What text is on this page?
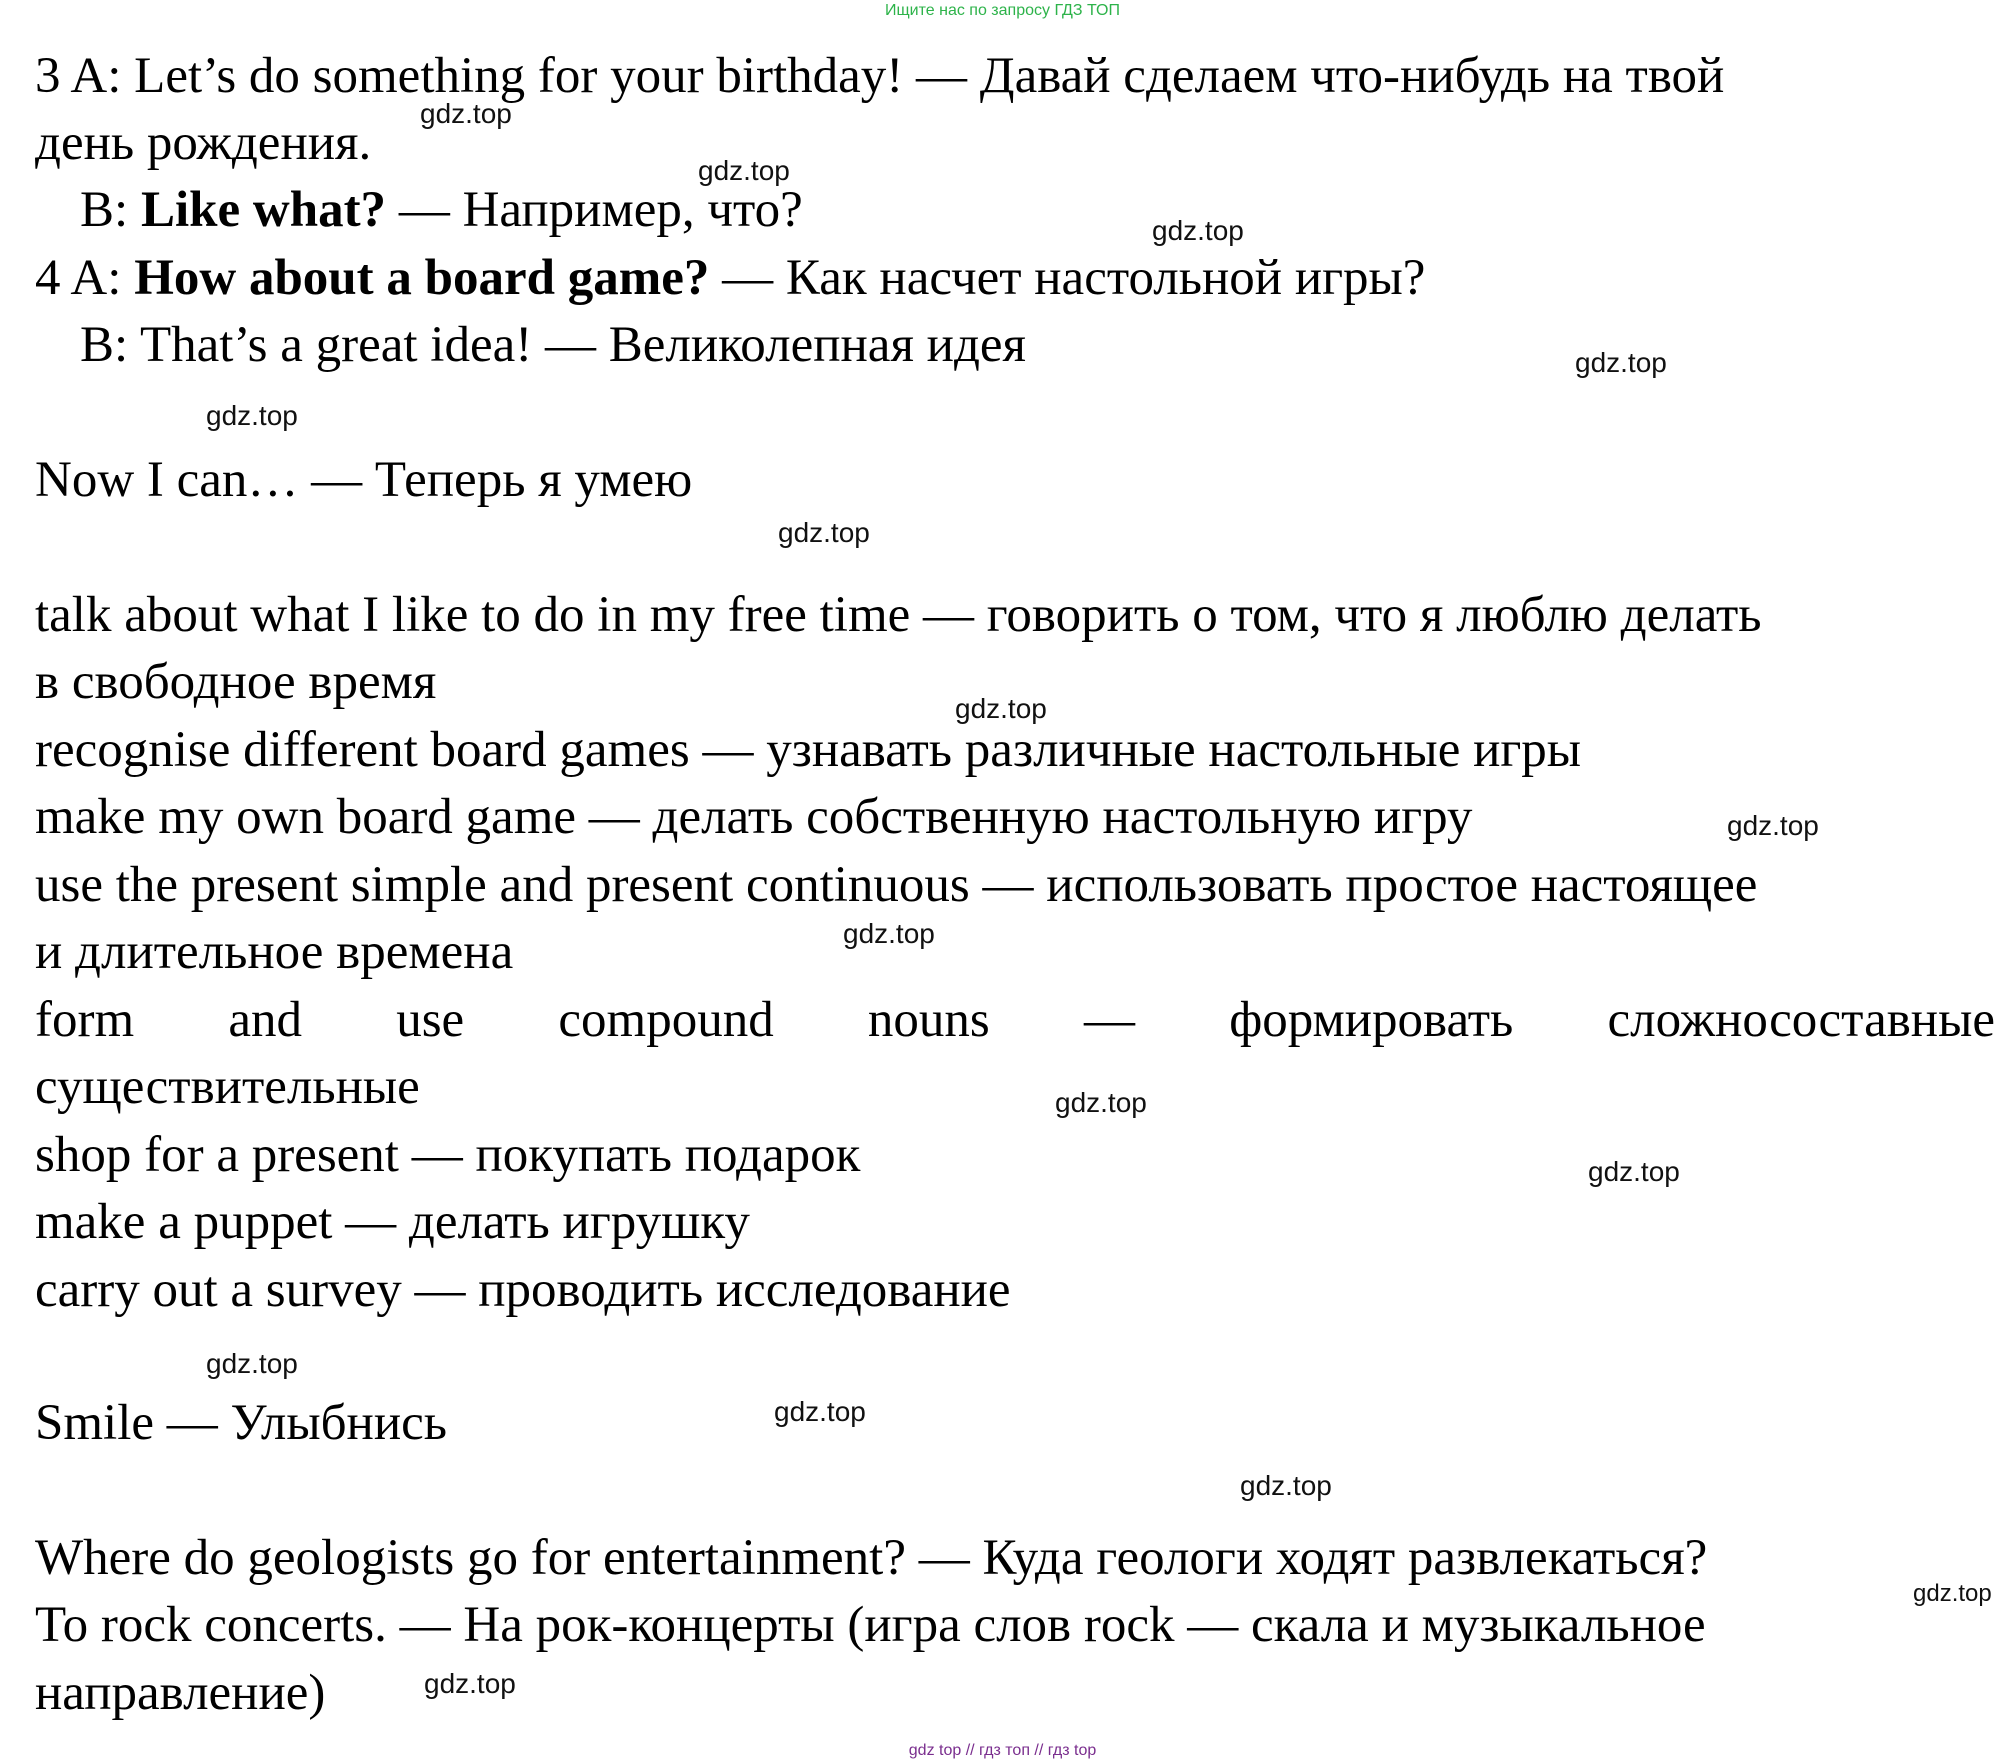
Ищите нас по запросу ГДЗ ТОП
3 A: Let’s do something for your birthday! — Давай сделаем что-нибудь на твой
день рождения.
B: Like what? — Например, что?
4 A: How about a board game? — Как насчет настольной игры?
B: That’s a great idea! — Великолепная идея
Now I can… — Теперь я умею
talk about what I like to do in my free time — говорить о том, что я люблю делать
в свободное время
recognise different board games — узнавать различные настольные игры
make my own board game — делать собственную настольную игру
use the present simple and present continuous — использовать простое настоящее
и длительное времена
form and use compound nouns — формировать сложносоставные
существительные
shop for a present — покупать подарок
make a puppet — делать игрушку
carry out a survey — проводить исследование
Smile — Улыбнись
Where do geologists go for entertainment? — Куда геологи ходят развлекаться?
To rock concerts. — На рок-концерты (игра слов rock — скала и музыкальное
направление)
gdz.top
gdz.top
gdz.top
gdz.top
gdz.top
gdz.top
gdz.top
gdz.top
gdz.top
gdz.top
gdz.top
gdz.top
gdz.top
gdz.top
gdz.top
gdz.top
gdz top // гдз топ // гдз top
